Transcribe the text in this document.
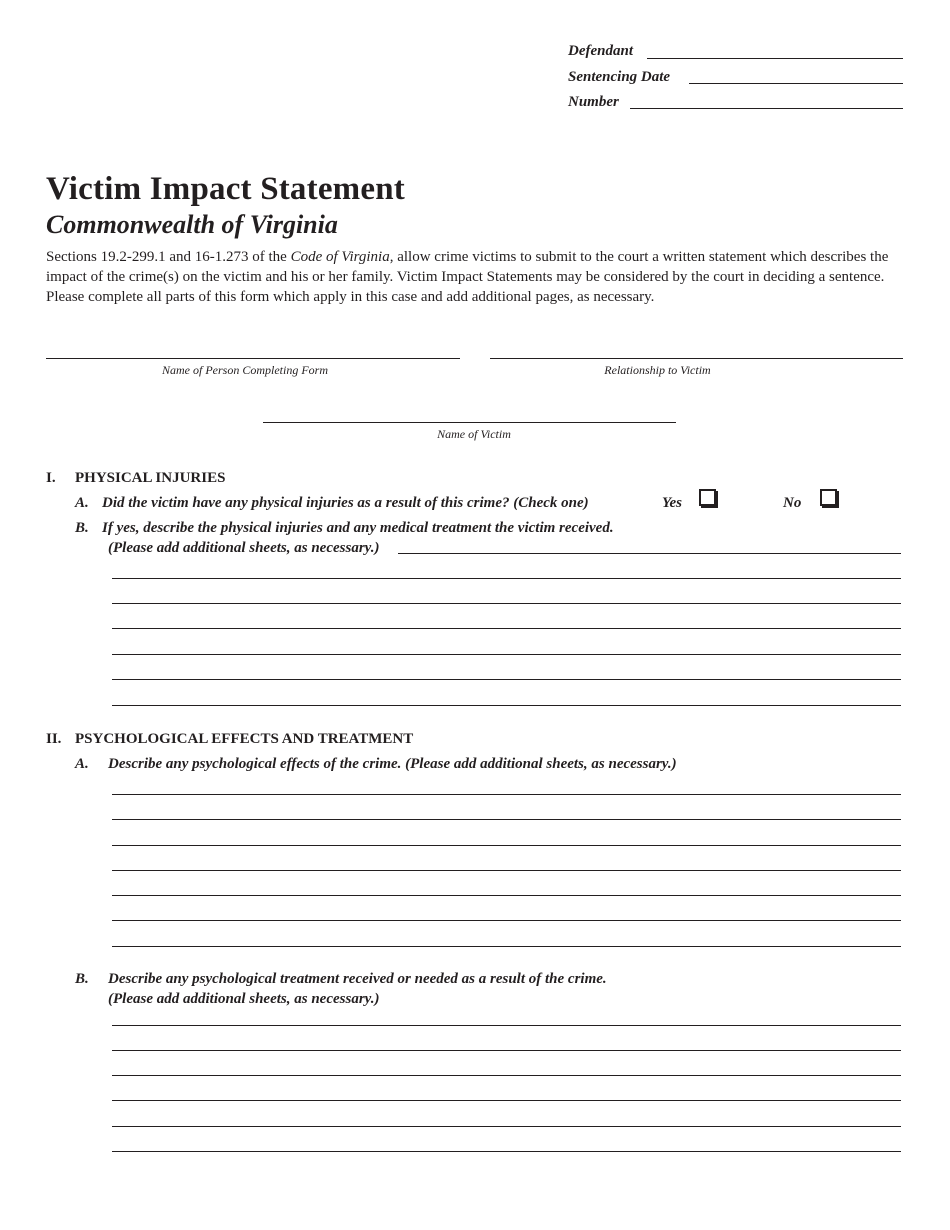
Defendant
Sentencing Date
Number
Victim Impact Statement
Commonwealth of Virginia
Sections 19.2-299.1 and 16-1.273 of the Code of Virginia, allow crime victims to submit to the court a written statement which describes the impact of the crime(s) on the victim and his or her family. Victim Impact Statements may be considered by the court in deciding a sentence. Please complete all parts of this form which apply in this case and add additional pages, as necessary.
Name of Person Completing Form	Relationship to Victim
Name of Victim
I. PHYSICAL INJURIES
A. Did the victim have any physical injuries as a result of this crime? (Check one)	Yes	No
B. If yes, describe the physical injuries and any medical treatment the victim received.
(Please add additional sheets, as necessary.)
II. PSYCHOLOGICAL EFFECTS AND TREATMENT
A. Describe any psychological effects of the crime. (Please add additional sheets, as necessary.)
B. Describe any psychological treatment received or needed as a result of the crime.
(Please add additional sheets, as necessary.)
